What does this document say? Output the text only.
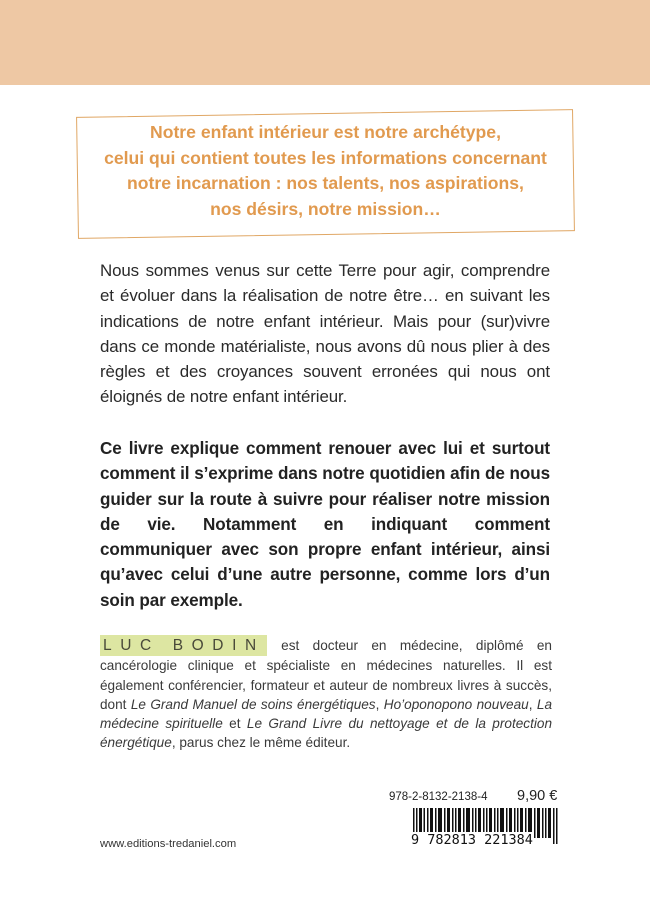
Notre enfant intérieur est notre archétype,
celui qui contient toutes les informations concernant
notre incarnation : nos talents, nos aspirations,
nos désirs, notre mission…

Nous sommes venus sur cette Terre pour agir, comprendre et évoluer dans la réalisation de notre être… en suivant les indications de notre enfant intérieur. Mais pour (sur)vivre dans ce monde matérialiste, nous avons dû nous plier à des règles et des croyances souvent erronées qui nous ont éloignés de notre enfant intérieur.

Ce livre explique comment renouer avec lui et surtout comment il s’exprime dans notre quotidien afin de nous guider sur la route à suivre pour réaliser notre mission de vie. Notamment en indiquant comment communiquer avec son propre enfant intérieur, ainsi qu’avec celui d’une autre personne, comme lors d’un soin par exemple.

LUC BODIN est docteur en médecine, diplômé en cancérologie clinique et spécialiste en médecines naturelles. Il est également conférencier, formateur et auteur de nombreux livres à succès, dont Le Grand Manuel de soins énergétiques, Ho’oponopono nouveau, La médecine spirituelle et Le Grand Livre du nettoyage et de la protection énergétique, parus chez le même éditeur.

978-2-8132-2138-4 9,90 €
9 782813 221384
www.editions-tredaniel.com
